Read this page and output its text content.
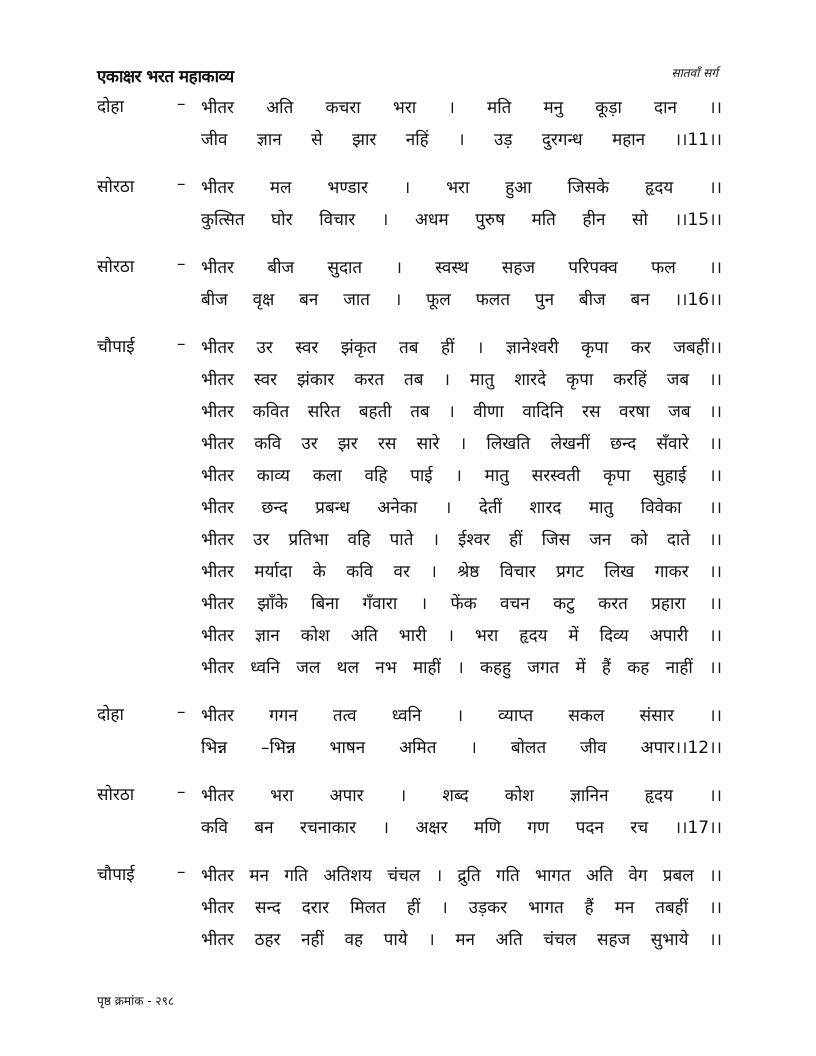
एकाक्षर भरत महाकाव्य	सातवाँ सर्ग
दोहा	– भीतर अति कचरा भरा । मति मनु कूड़ा दान ।।
जीव ज्ञान से झार नहिं । उड़ दुरगन्ध महान ।।11।।
सोरठा	– भीतर मल भण्डार । भरा हुआ जिसके हृदय ।।
कुत्सित घोर विचार । अधम पुरुष मति हीन सो ।।15।।
सोरठा	– भीतर बीज सुदात । स्वस्थ सहज परिपक्व फल ।।
बीज वृक्ष बन जात । फूल फलत पुन बीज बन ।।16।।
चौपाई	– भीतर उर स्वर झंकृत तब हीं । ज्ञानेश्वरी कृपा कर जबहीं।।
भीतर स्वर झंकार करत तब । मातु शारदे कृपा करहिं जब ।।
भीतर कवित सरित बहती तब । वीणा वादिनि रस वरषा जब ।।
भीतर कवि उर झर रस सारे । लिखति लेखनीं छन्द सँवारे ।।
भीतर काव्य कला वहि पाई । मातु सरस्वती कृपा सुहाई ।।
भीतर छन्द प्रबन्ध अनेका । देतीं शारद मातु विवेका ।।
भीतर उर प्रतिभा वहि पाते । ईश्वर हीं जिस जन को दाते ।।
भीतर मर्यादा के कवि वर । श्रेष्ठ विचार प्रगट लिख गाकर ।।
भीतर झाँके बिना गँवारा । फेंक वचन कटु करत प्रहारा ।।
भीतर ज्ञान कोश अति भारी । भरा हृदय में दिव्य अपारी ।।
भीतर ध्वनि जल थल नभ माहीं । कहहु जगत में हैं कह नाहीं ।।
दोहा	– भीतर गगन तत्व ध्वनि । व्याप्त सकल संसार ।।
भिन्न –भिन्न भाषन अमित । बोलत जीव अपार।।12।।
सोरठा	– भीतर भरा अपार । शब्द कोश ज्ञानिन हृदय ।।
कवि बन रचनाकार । अक्षर मणि गण पदन रच ।।17।।
चौपाई	– भीतर मन गति अतिशय चंचल । द्रुति गति भागत अति वेग प्रबल ।।
भीतर सन्द दरार मिलत हीं । उड़कर भागत हैं मन तबहीं ।।
भीतर ठहर नहीं वह पाये । मन अति चंचल सहज सुभाये ।।
पृष्ठ क्रमांक - २९८
